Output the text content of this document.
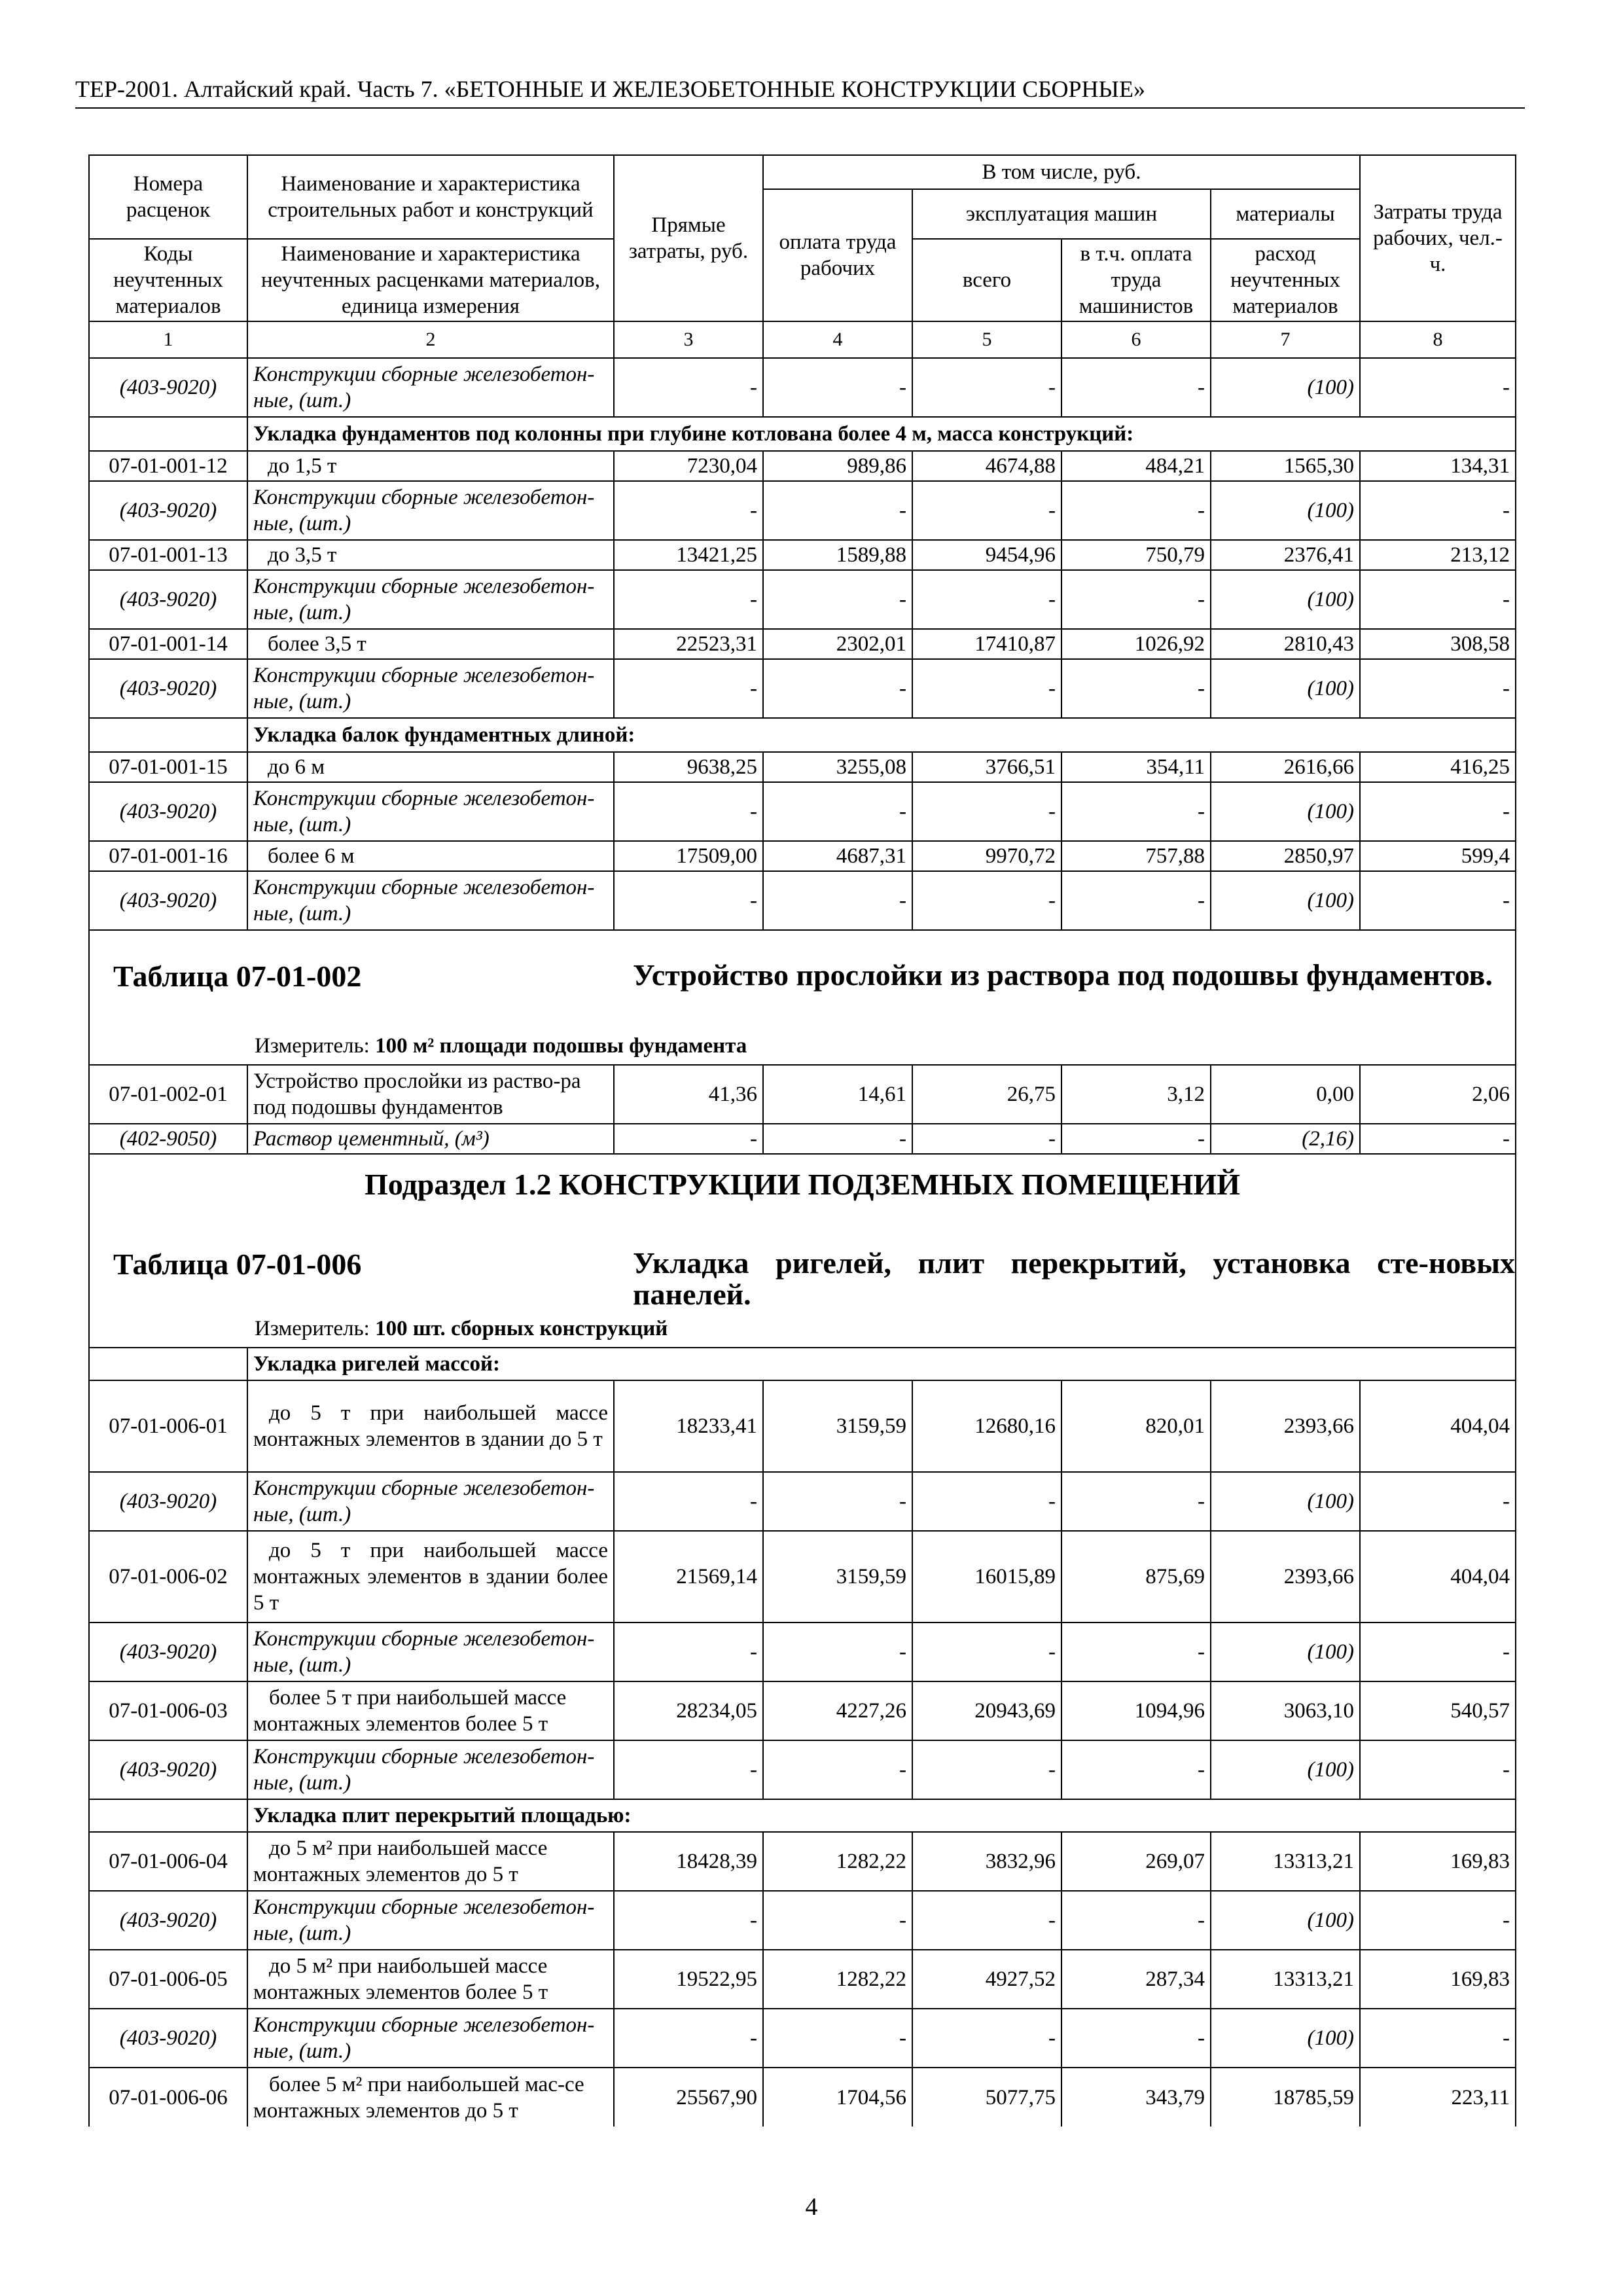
ТЕР-2001. Алтайский край. Часть 7. «БЕТОННЫЕ И ЖЕЛЕЗОБЕТОННЫЕ КОНСТРУКЦИИ СБОРНЫЕ»
Номера расценок	Наименование и характеристика строительных работ и конструкций	Прямые затраты, руб.	В том числе, руб.				Затраты труда рабочих, чел.-ч.
			оплата труда рабочих	эксплуатация машин		материалы	
Коды неучтенных материалов	Наименование и характеристика неучтенных расценками материалов, единица измерения			всего	в т.ч. оплата труда машинистов	расход неучтенных материалов	

1	2	3	4	5	6	7	8
(403-9020)	Конструкции сборные железобетон-ные, (шт.)	-	-	-	-	(100)	-
	Укладка фундаментов под колонны при глубине котлована более 4 м, масса конструкций:						
07-01-001-12	до 1,5 т	7230,04	989,86	4674,88	484,21	1565,30	134,31
(403-9020)	Конструкции сборные железобетон-ные, (шт.)	-	-	-	-	(100)	-
07-01-001-13	до 3,5 т	13421,25	1589,88	9454,96	750,79	2376,41	213,12
(403-9020)	Конструкции сборные железобетон-ные, (шт.)	-	-	-	-	(100)	-
07-01-001-14	более 3,5 т	22523,31	2302,01	17410,87	1026,92	2810,43	308,58
(403-9020)	Конструкции сборные железобетон-ные, (шт.)	-	-	-	-	(100)	-
	Укладка балок фундаментных длиной:						
07-01-001-15	до 6 м	9638,25	3255,08	3766,51	354,11	2616,66	416,25
(403-9020)	Конструкции сборные железобетон-ные, (шт.)	-	-	-	-	(100)	-
07-01-001-16	более 6 м	17509,00	4687,31	9970,72	757,88	2850,97	599,4
(403-9020)	Конструкции сборные железобетон-ные, (шт.)	-	-	-	-	(100)	-

Таблица 07-01-002 Устройство прослойки из раствора под подошвы фундаментов.
Измеритель: 100 м² площади подошвы фундамента							

07-01-002-01	Устройство прослойки из раство-ра под подошвы фундаментов	41,36	14,61	26,75	3,12	0,00	2,06
(402-9050)	Раствор цементный, (м³)	-	-	-	-	(2,16)	-

Подраздел 1.2 КОНСТРУКЦИИ ПОДЗЕМНЫХ ПОМЕЩЕНИЙ
Таблица 07-01-006 Укладка ригелей, плит перекрытий, установка сте-новых панелей.
Измеритель: 100 шт. сборных конструкций							

	Укладка ригелей массой:						
07-01-006-01	до 5 т при наибольшей массе монтажных элементов в здании до 5 т	18233,41	3159,59	12680,16	820,01	2393,66	404,04
(403-9020)	Конструкции сборные железобетон-ные, (шт.)	-	-	-	-	(100)	-
07-01-006-02	до 5 т при наибольшей массе монтажных элементов в здании более 5 т	21569,14	3159,59	16015,89	875,69	2393,66	404,04
(403-9020)	Конструкции сборные железобетон-ные, (шт.)	-	-	-	-	(100)	-
07-01-006-03	более 5 т при наибольшей массе монтажных элементов более 5 т	28234,05	4227,26	20943,69	1094,96	3063,10	540,57
(403-9020)	Конструкции сборные железобетон-ные, (шт.)	-	-	-	-	(100)	-
	Укладка плит перекрытий площадью:						
07-01-006-04	до 5 м² при наибольшей массе монтажных элементов до 5 т	18428,39	1282,22	3832,96	269,07	13313,21	169,83
(403-9020)	Конструкции сборные железобетон-ные, (шт.)	-	-	-	-	(100)	-
07-01-006-05	до 5 м² при наибольшей массе монтажных элементов более 5 т	19522,95	1282,22	4927,52	287,34	13313,21	169,83
(403-9020)	Конструкции сборные железобетон-ные, (шт.)	-	-	-	-	(100)	-
07-01-006-06	более 5 м² при наибольшей мас-се монтажных элементов до 5 т	25567,90	1704,56	5077,75	343,79	18785,59	223,11
4
